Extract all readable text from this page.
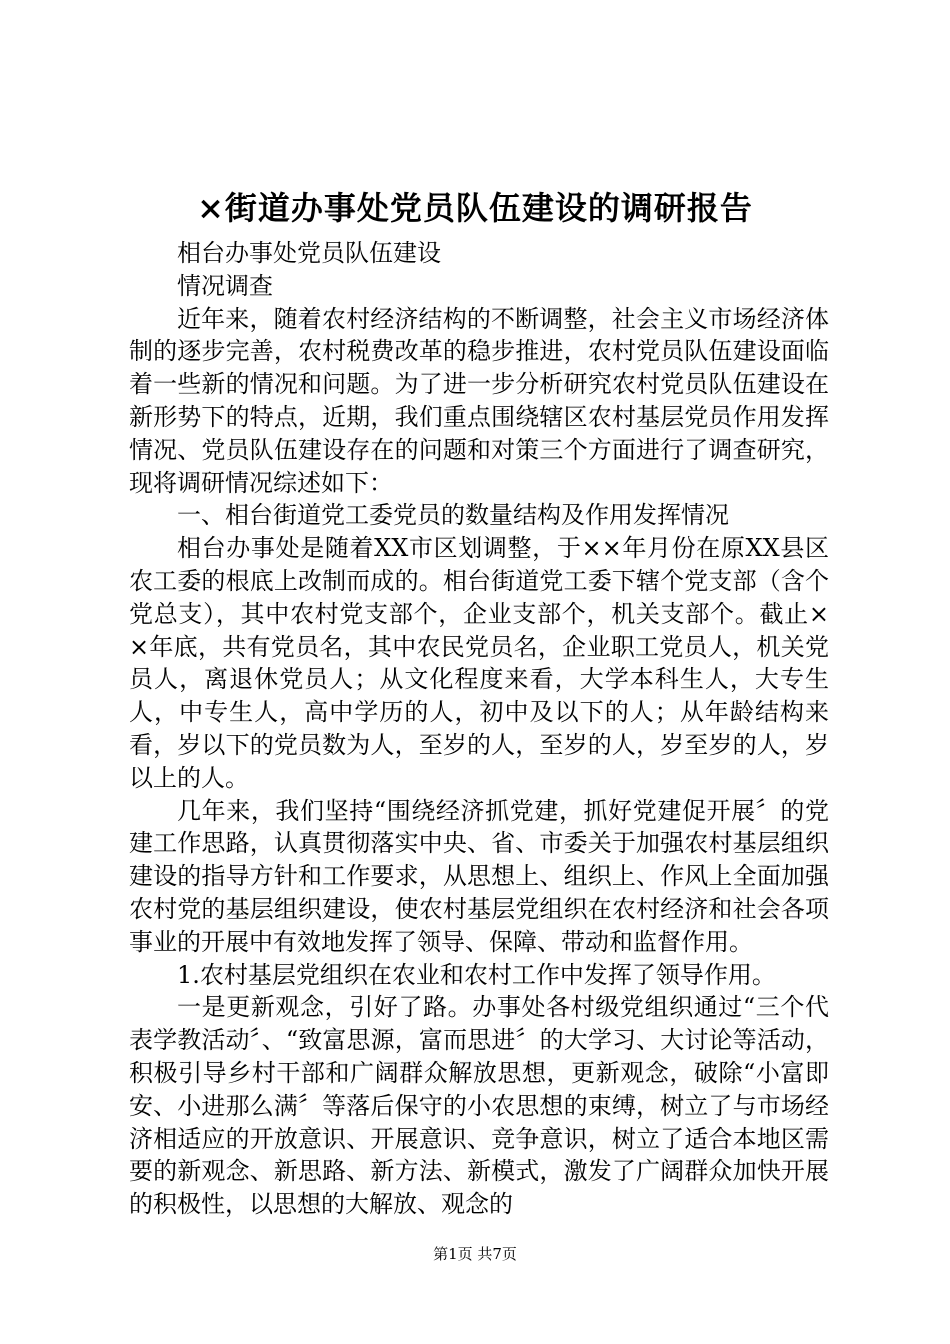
×街道办事处党员队伍建设的调研报告

相台办事处党员队伍建设

情况调查

近年来，随着农村经济结构的不断调整，社会主义市场经济体制的逐步完善，农村税费改革的稳步推进，农村党员队伍建设面临着一些新的情况和问题。为了进一步分析研究农村党员队伍建设在新形势下的特点，近期，我们重点围绕辖区农村基层党员作用发挥情况、党员队伍建设存在的问题和对策三个方面进行了调查研究，现将调研情况综述如下：

一、相台街道党工委党员的数量结构及作用发挥情况

相台办事处是随着XX市区划调整，于××年月份在原XX县区农工委的根底上改制而成的。相台街道党工委下辖个党支部（含个党总支），其中农村党支部个，企业支部个，机关支部个。截止××年底，共有党员名，其中农民党员名，企业职工党员人，机关党员人，离退休党员人；从文化程度来看，大学本科生人，大专生人，中专生人，高中学历的人，初中及以下的人；从年龄结构来看，岁以下的党员数为人，至岁的人，至岁的人，岁至岁的人，岁以上的人。

几年来，我们坚持“围绕经济抓党建，抓好党建促开展〞的党建工作思路，认真贯彻落实中央、省、市委关于加强农村基层组织建设的指导方针和工作要求，从思想上、组织上、作风上全面加强农村党的基层组织建设，使农村基层党组织在农村经济和社会各项事业的开展中有效地发挥了领导、保障、带动和监督作用。

1.农村基层党组织在农业和农村工作中发挥了领导作用。

一是更新观念，引好了路。办事处各村级党组织通过“三个代表学教活动〞、“致富思源，富而思进〞的大学习、大讨论等活动，积极引导乡村干部和广阔群众解放思想，更新观念，破除“小富即安、小进那么满〞等落后保守的小农思想的束缚，树立了与市场经济相适应的开放意识、开展意识、竞争意识，树立了适合本地区需要的新观念、新思路、新方法、新模式，激发了广阔群众加快开展的积极性，以思想的大解放、观念的

第1页 共7页
